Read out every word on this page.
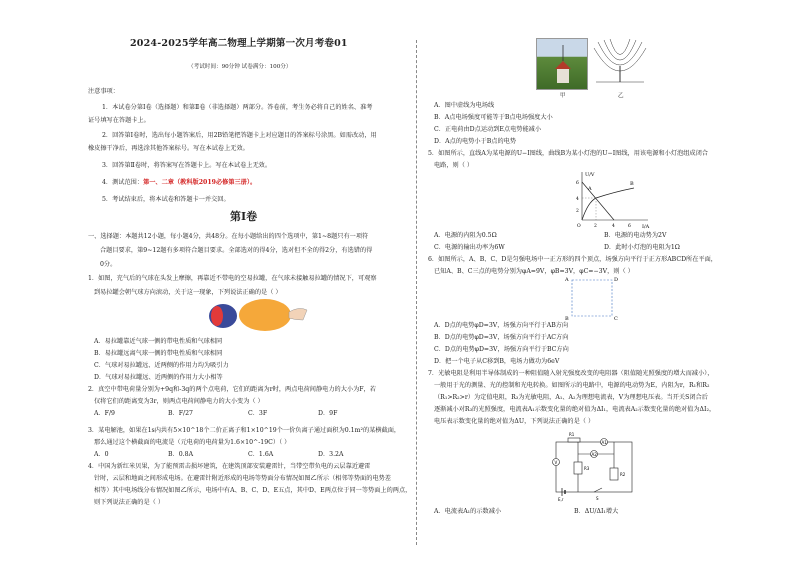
2024-2025学年高二物理上学期第一次月考卷01
（考试时间：90分钟 试卷满分：100分）
注意事项：
1．本试卷分第Ⅰ卷（选择题）和第Ⅱ卷（非选择题）两部分。答卷前，考生务必将自己的姓名、准考
证号填写在答题卡上。
2．回答第Ⅰ卷时，选出每小题答案后，用2B铅笔把答题卡上对应题目的答案标号涂黑。如需改动，用
橡皮擦干净后，再选涂其他答案标号。写在本试卷上无效。
3．回答第Ⅱ卷时，将答案写在答题卡上。写在本试卷上无效。
4．测试范围：第一、二章（教科版2019必修第三册）。
5．考试结束后，将本试卷和答题卡一并交回。
第Ⅰ卷
一、选择题：本题共12小题，每小题4分，共48分。在每小题给出的四个选项中，第1~8题只有一项符
合题目要求，第9~12题有多项符合题目要求。全部选对的得4分，选对但不全的得2分，有选错的得
0分。
1．如图，充气后的气球在头发上摩擦，再靠近不带电的空易拉罐，在气球未接触易拉罐的情况下，可观察
到易拉罐会朝气球方向滚动，关于这一现象，下列说法正确的是（ ）
A．易拉罐靠近气球一侧的带电性质和气球相同
B．易拉罐远离气球一侧的带电性质和气球相同
C．气球对易拉罐远、近两侧的作用力均为吸引力
D．气球对易拉罐远、近两侧的作用力大小相等
2．真空中带电荷量分别为+9q和-3q的两个点电荷，它们的距离为r时，两点电荷间静电力的大小为F，若
仅将它们的距离变为3r，则两点电荷间静电力的大小变为（ ）
A．F/9	B．F/27	C．3F	D．9F
3．某电解池，如果在1s内共有5×10^18个二价正离子和1×10^19个一价负离子通过面积为0.1m²的某横截面，
那么通过这个横截面的电流是（元电荷的电荷量为1.6×10^-19C）（ ）
A．0	B．0.8A	C．1.6A	D．3.2A
4．中国为新红米贝果，为了能预雷击损坏建筑，在建筑顶部安装避雷针，当带空带负电的云层靠近避雷
针时，云层和地面之间形成电场。在避雷针附近形成的电场等势面分布情况如图乙所示（相邻等势面的电势差
相等）其中电场线分布情况如图乙所示，电场中有A、B、C、D、E五点，其中D、E两点位于同一等势面上的两点，
则下列说法正确的是（ ）
甲	乙
A．图中虚线为电场线
B．A点电场强度可能等于B点电场强度大小
C．正电荷由D点运动到E点电势能减小
D．A点的电势小于B点的电势
5．如图所示，直线A为某电源的U−I图线，曲线B为某小灯泡的U−I图线，用该电源和小灯泡组成闭合
电路，则（ ）
U/V
I/A
A
B
6
4
2
2	4	6
O
A．电源的内阻为0.5Ω	B．电源的电动势为2V
C．电源的输出功率为6W	D．此时小灯泡的电阻为1Ω
6．如图所示，A、B、C、D是匀强电场中一正方形的四个顶点，场强方向平行于正方形ABCD所在平面，
已知A、B、C三点的电势分别为φA=9V，φB=3V，φC=−3V，则（ ）
A	D
B	C
A．D点的电势φD=3V，场强方向平行于AB方向
B．D点的电势φD=3V，场强方向平行于AC方向
C．D点的电势φD=3V，场强方向平行于BC方向
D．把一个电子从C移到B，电场力做功为6eV
7．光敏电阻是利用半导体制成的一种阻值随入射光强度改变的电阻器（阻值随光照强度的增大而减小），
一般用于光的测量、光的控制和光电转换。如图所示的电路中，电源的电动势为E，内阻为r，R₁和R₂
（R₁>R₂>r）为定值电阻，R₃为光敏电阻，A₁、A₂为理想电流表，V为理想电压表。当开关S闭合后
逐渐减小对R₃的光照强度，电流表A₁示数变化量的绝对值为ΔI₁，电流表A₂示数变化量的绝对值为ΔI₂，
电压表示数变化量的绝对值为ΔU，下列说法正确的是（ ）
A1
A2
V
R1
R2
R3
E,r	S
A．电流表A₁的示数减小	B．ΔU/ΔI₁增大
